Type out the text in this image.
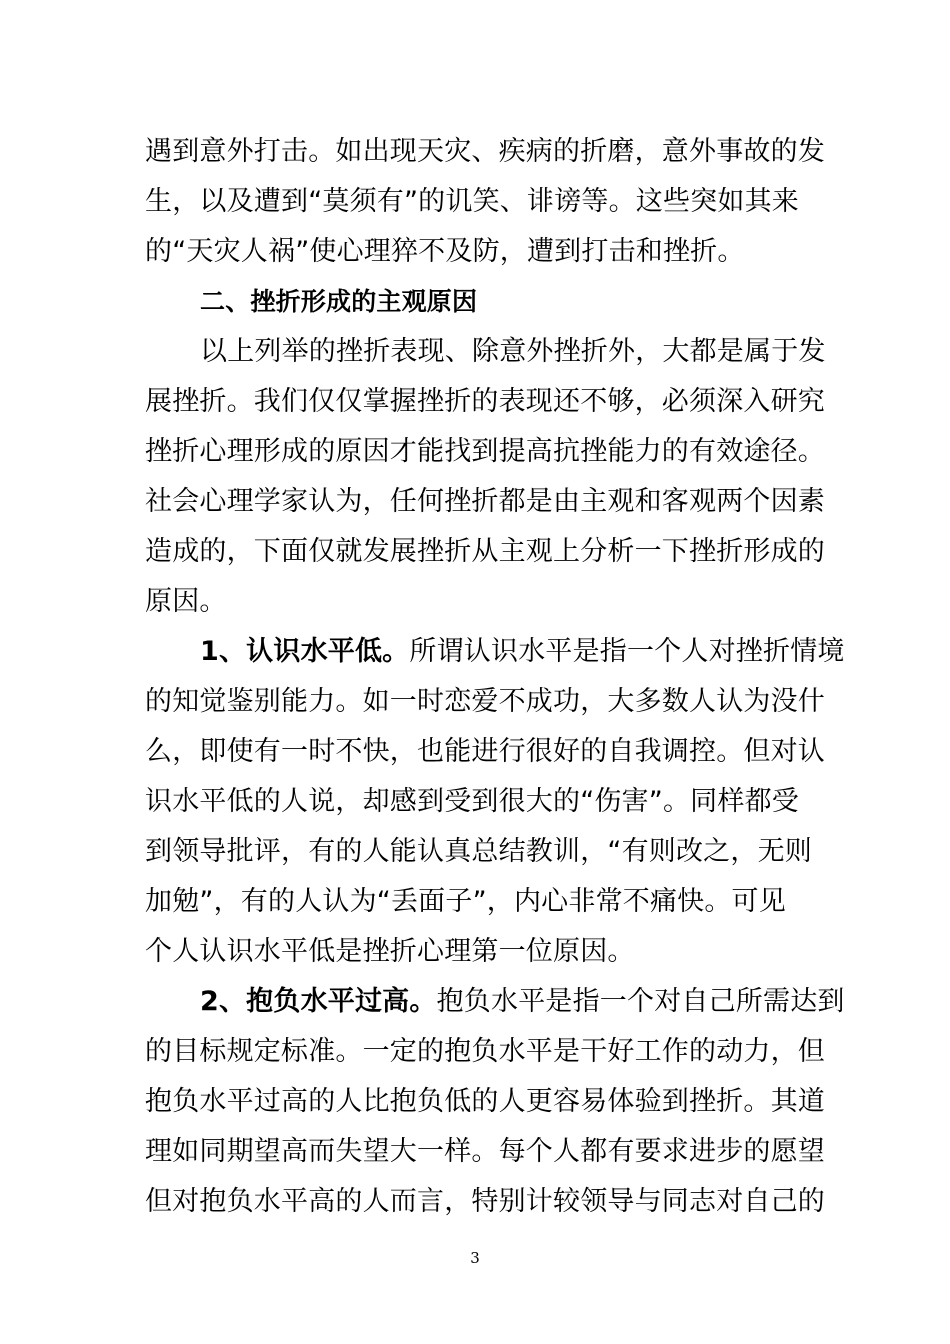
遇到意外打击。如出现天灾、疾病的折磨，意外事故的发
生，以及遭到“莫须有”的讥笑、诽谤等。这些突如其来
的“天灾人祸”使心理猝不及防，遭到打击和挫折。
二、挫折形成的主观原因
以上列举的挫折表现、除意外挫折外，大都是属于发
展挫折。我们仅仅掌握挫折的表现还不够，必须深入研究
挫折心理形成的原因才能找到提高抗挫能力的有效途径。
社会心理学家认为，任何挫折都是由主观和客观两个因素
造成的，下面仅就发展挫折从主观上分析一下挫折形成的
原因。
1、认识水平低。所谓认识水平是指一个人对挫折情境
的知觉鉴别能力。如一时恋爱不成功，大多数人认为没什
么，即使有一时不快，也能进行很好的自我调控。但对认
识水平低的人说，却感到受到很大的“伤害”。同样都受
到领导批评，有的人能认真总结教训，“有则改之，无则
加勉”，有的人认为“丢面子”，内心非常不痛快。可见
个人认识水平低是挫折心理第一位原因。
2、抱负水平过高。抱负水平是指一个对自己所需达到
的目标规定标准。一定的抱负水平是干好工作的动力，但
抱负水平过高的人比抱负低的人更容易体验到挫折。其道
理如同期望高而失望大一样。每个人都有要求进步的愿望
但对抱负水平高的人而言，特别计较领导与同志对自己的
3
